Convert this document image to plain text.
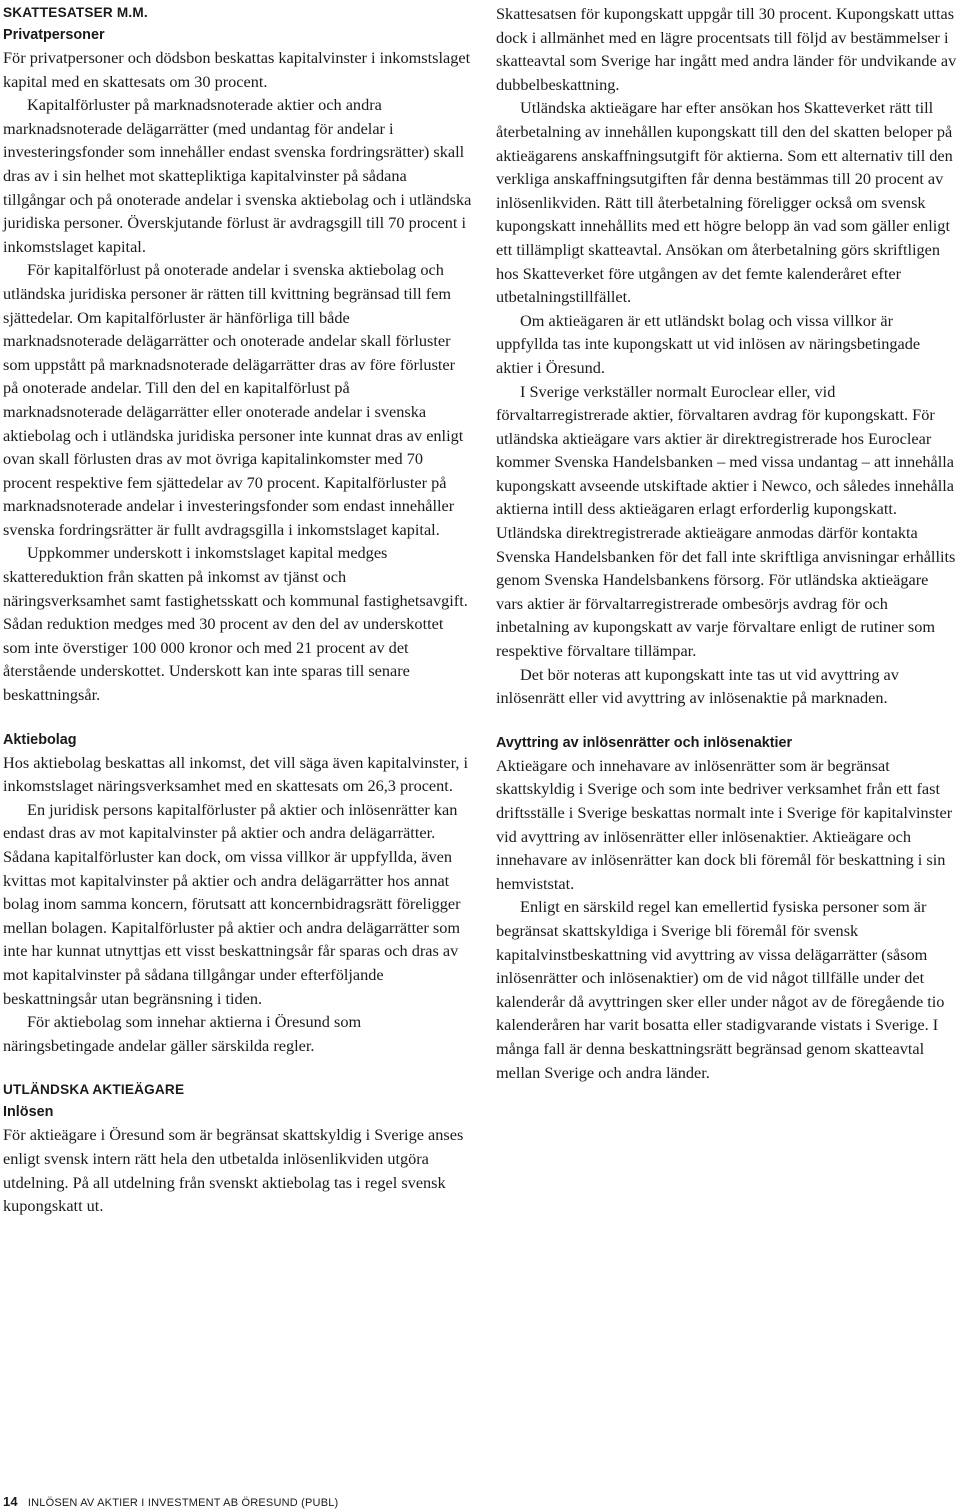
SKATTESATSER M.M.
Privatpersoner

För privatpersoner och dödsbon beskattas kapitalvinster i inkomstslaget kapital med en skattesats om 30 procent.

Kapitalförluster på marknadsnoterade aktier och andra marknadsnoterade delägarrätter (med undantag för andelar i investeringsfonder som innehåller endast svenska fordringsrätter) skall dras av i sin helhet mot skattepliktiga kapitalvinster på sådana tillgångar och på onoterade andelar i svenska aktiebolag och i utländska juridiska personer. Överskjutande förlust är avdragsgill till 70 procent i inkomstslaget kapital.

För kapitalförlust på onoterade andelar i svenska aktiebolag och utländska juridiska personer är rätten till kvittning begränsad till fem sjättedelar. Om kapitalförluster är hänförliga till både marknadsnoterade delägarrätter och onoterade andelar skall förluster som uppstått på marknadsnoterade delägarrätter dras av före förluster på onoterade andelar. Till den del en kapitalförlust på marknadsnoterade delägarrätter eller onoterade andelar i svenska aktiebolag och i utländska juridiska personer inte kunnat dras av enligt ovan skall förlusten dras av mot övriga kapitalinkomster med 70 procent respektive fem sjättedelar av 70 procent. Kapitalförluster på marknadsnoterade andelar i investeringsfonder som endast innehåller svenska fordringsrätter är fullt avdragsgilla i inkomstslaget kapital.

Uppkommer underskott i inkomstslaget kapital medges skattereduktion från skatten på inkomst av tjänst och näringsverksamhet samt fastighetsskatt och kommunal fastighetsavgift. Sådan reduktion medges med 30 procent av den del av underskottet som inte överstiger 100 000 kronor och med 21 procent av det återstående underskottet. Underskott kan inte sparas till senare beskattningsår.

Aktiebolag

Hos aktiebolag beskattas all inkomst, det vill säga även kapitalvinster, i inkomstslaget näringsverksamhet med en skattesats om 26,3 procent.

En juridisk persons kapitalförluster på aktier och inlösenrätter kan endast dras av mot kapitalvinster på aktier och andra delägarrätter. Sådana kapitalförluster kan dock, om vissa villkor är uppfyllda, även kvittas mot kapitalvinster på aktier och andra delägarrätter hos annat bolag inom samma koncern, förutsatt att koncernbidragsrätt föreligger mellan bolagen. Kapitalförluster på aktier och andra delägarrätter som inte har kunnat utnyttjas ett visst beskattningsår får sparas och dras av mot kapitalvinster på sådana tillgångar under efterföljande beskattningsår utan begränsning i tiden.

För aktiebolag som innehar aktierna i Öresund som näringsbetingade andelar gäller särskilda regler.

UTLÄNDSKA AKTIEÄGARE
Inlösen

För aktieägare i Öresund som är begränsat skattskyldig i Sverige anses enligt svensk intern rätt hela den utbetalda inlösenlikviden utgöra utdelning. På all utdelning från svenskt aktiebolag tas i regel svensk kupongskatt ut.

Skattesatsen för kupongskatt uppgår till 30 procent. Kupongskatt uttas dock i allmänhet med en lägre procentsats till följd av bestämmelser i skatteavtal som Sverige har ingått med andra länder för undvikande av dubbelbeskattning.

Utländska aktieägare har efter ansökan hos Skatteverket rätt till återbetalning av innehållen kupongskatt till den del skatten beloper på aktieägarens anskaffningsutgift för aktierna. Som ett alternativ till den verkliga anskaffningsutgiften får denna bestämmas till 20 procent av inlösenlikviden. Rätt till återbetalning föreligger också om svensk kupongskatt innehållits med ett högre belopp än vad som gäller enligt ett tillämpligt skatteavtal. Ansökan om återbetalning görs skriftligen hos Skatteverket före utgången av det femte kalenderåret efter utbetalningstillfället.

Om aktieägaren är ett utländskt bolag och vissa villkor är uppfyllda tas inte kupongskatt ut vid inlösen av näringsbetingade aktier i Öresund.

I Sverige verkställer normalt Euroclear eller, vid förvaltarregistrerade aktier, förvaltaren avdrag för kupongskatt. För utländska aktieägare vars aktier är direktregistrerade hos Euroclear kommer Svenska Handelsbanken – med vissa undantag – att innehålla kupongskatt avseende utskiftade aktier i Newco, och således innehålla aktierna intill dess aktieägaren erlagt erforderlig kupongskatt. Utländska direktregistrerade aktieägare anmodas därför kontakta Svenska Handelsbanken för det fall inte skriftliga anvisningar erhållits genom Svenska Handelsbankens försorg. För utländska aktieägare vars aktier är förvaltarregistrerade ombesörjs avdrag för och inbetalning av kupongskatt av varje förvaltare enligt de rutiner som respektive förvaltare tillämpar.

Det bör noteras att kupongskatt inte tas ut vid avyttring av inlösenrätt eller vid avyttring av inlösenaktie på marknaden.

Avyttring av inlösenrätter och inlösenaktier

Aktieägare och innehavare av inlösenrätter som är begränsat skattskyldig i Sverige och som inte bedriver verksamhet från ett fast driftsställe i Sverige beskattas normalt inte i Sverige för kapitalvinster vid avyttring av inlösenrätter eller inlösenaktier. Aktieägare och innehavare av inlösenrätter kan dock bli föremål för beskattning i sin hemviststat.

Enligt en särskild regel kan emellertid fysiska personer som är begränsat skattskyldiga i Sverige bli föremål för svensk kapitalvinstbeskattning vid avyttring av vissa delägarrätter (såsom inlösenrätter och inlösenaktier) om de vid något tillfälle under det kalenderår då avyttringen sker eller under något av de föregående tio kalenderåren har varit bosatta eller stadigvarande vistats i Sverige. I många fall är denna beskattningsrätt begränsad genom skatteavtal mellan Sverige och andra länder.

14 INLÖSEN AV AKTIER I INVESTMENT AB ÖRESUND (PUBL)
